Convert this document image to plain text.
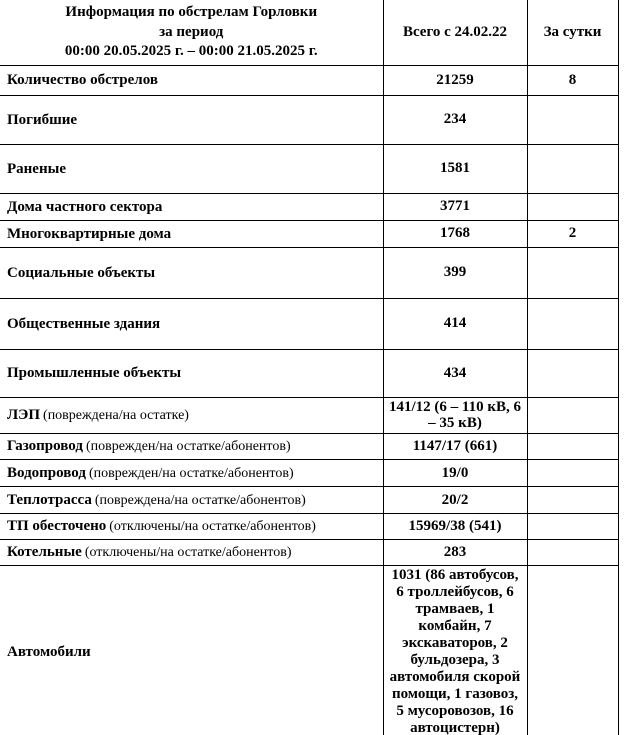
Информация по обстрелам Горловки
за период
00:00 20.05.2025 г. – 00:00 21.05.2025 г.	Всего с 24.02.22	За сутки
Количество обстрелов	21259	8
Погибшие	234	
Раненые	1581	
Дома частного сектора	3771	
Многоквартирные дома	1768	2
Социальные объекты	399	
Общественные здания	414	
Промышленные объекты	434	
ЛЭП (повреждена/на остатке)	141/12 (6 – 110 кВ, 6 – 35 кВ)	
Газопровод (поврежден/на остатке/абонентов)	1147/17 (661)	
Водопровод (поврежден/на остатке/абонентов)	19/0	
Теплотрасса (повреждена/на остатке/абонентов)	20/2	
ТП обесточено (отключены/на остатке/абонентов)	15969/38 (541)	
Котельные (отключены/на остатке/абонентов)	283	
Автомобили	1031 (86 автобусов, 6 троллейбусов, 6 трамваев, 1 комбайн, 7 экскаваторов, 2 бульдозера, 3 автомобиля скорой помощи, 1 газовоз, 5 мусоровозов, 16 автоцистерн)	
